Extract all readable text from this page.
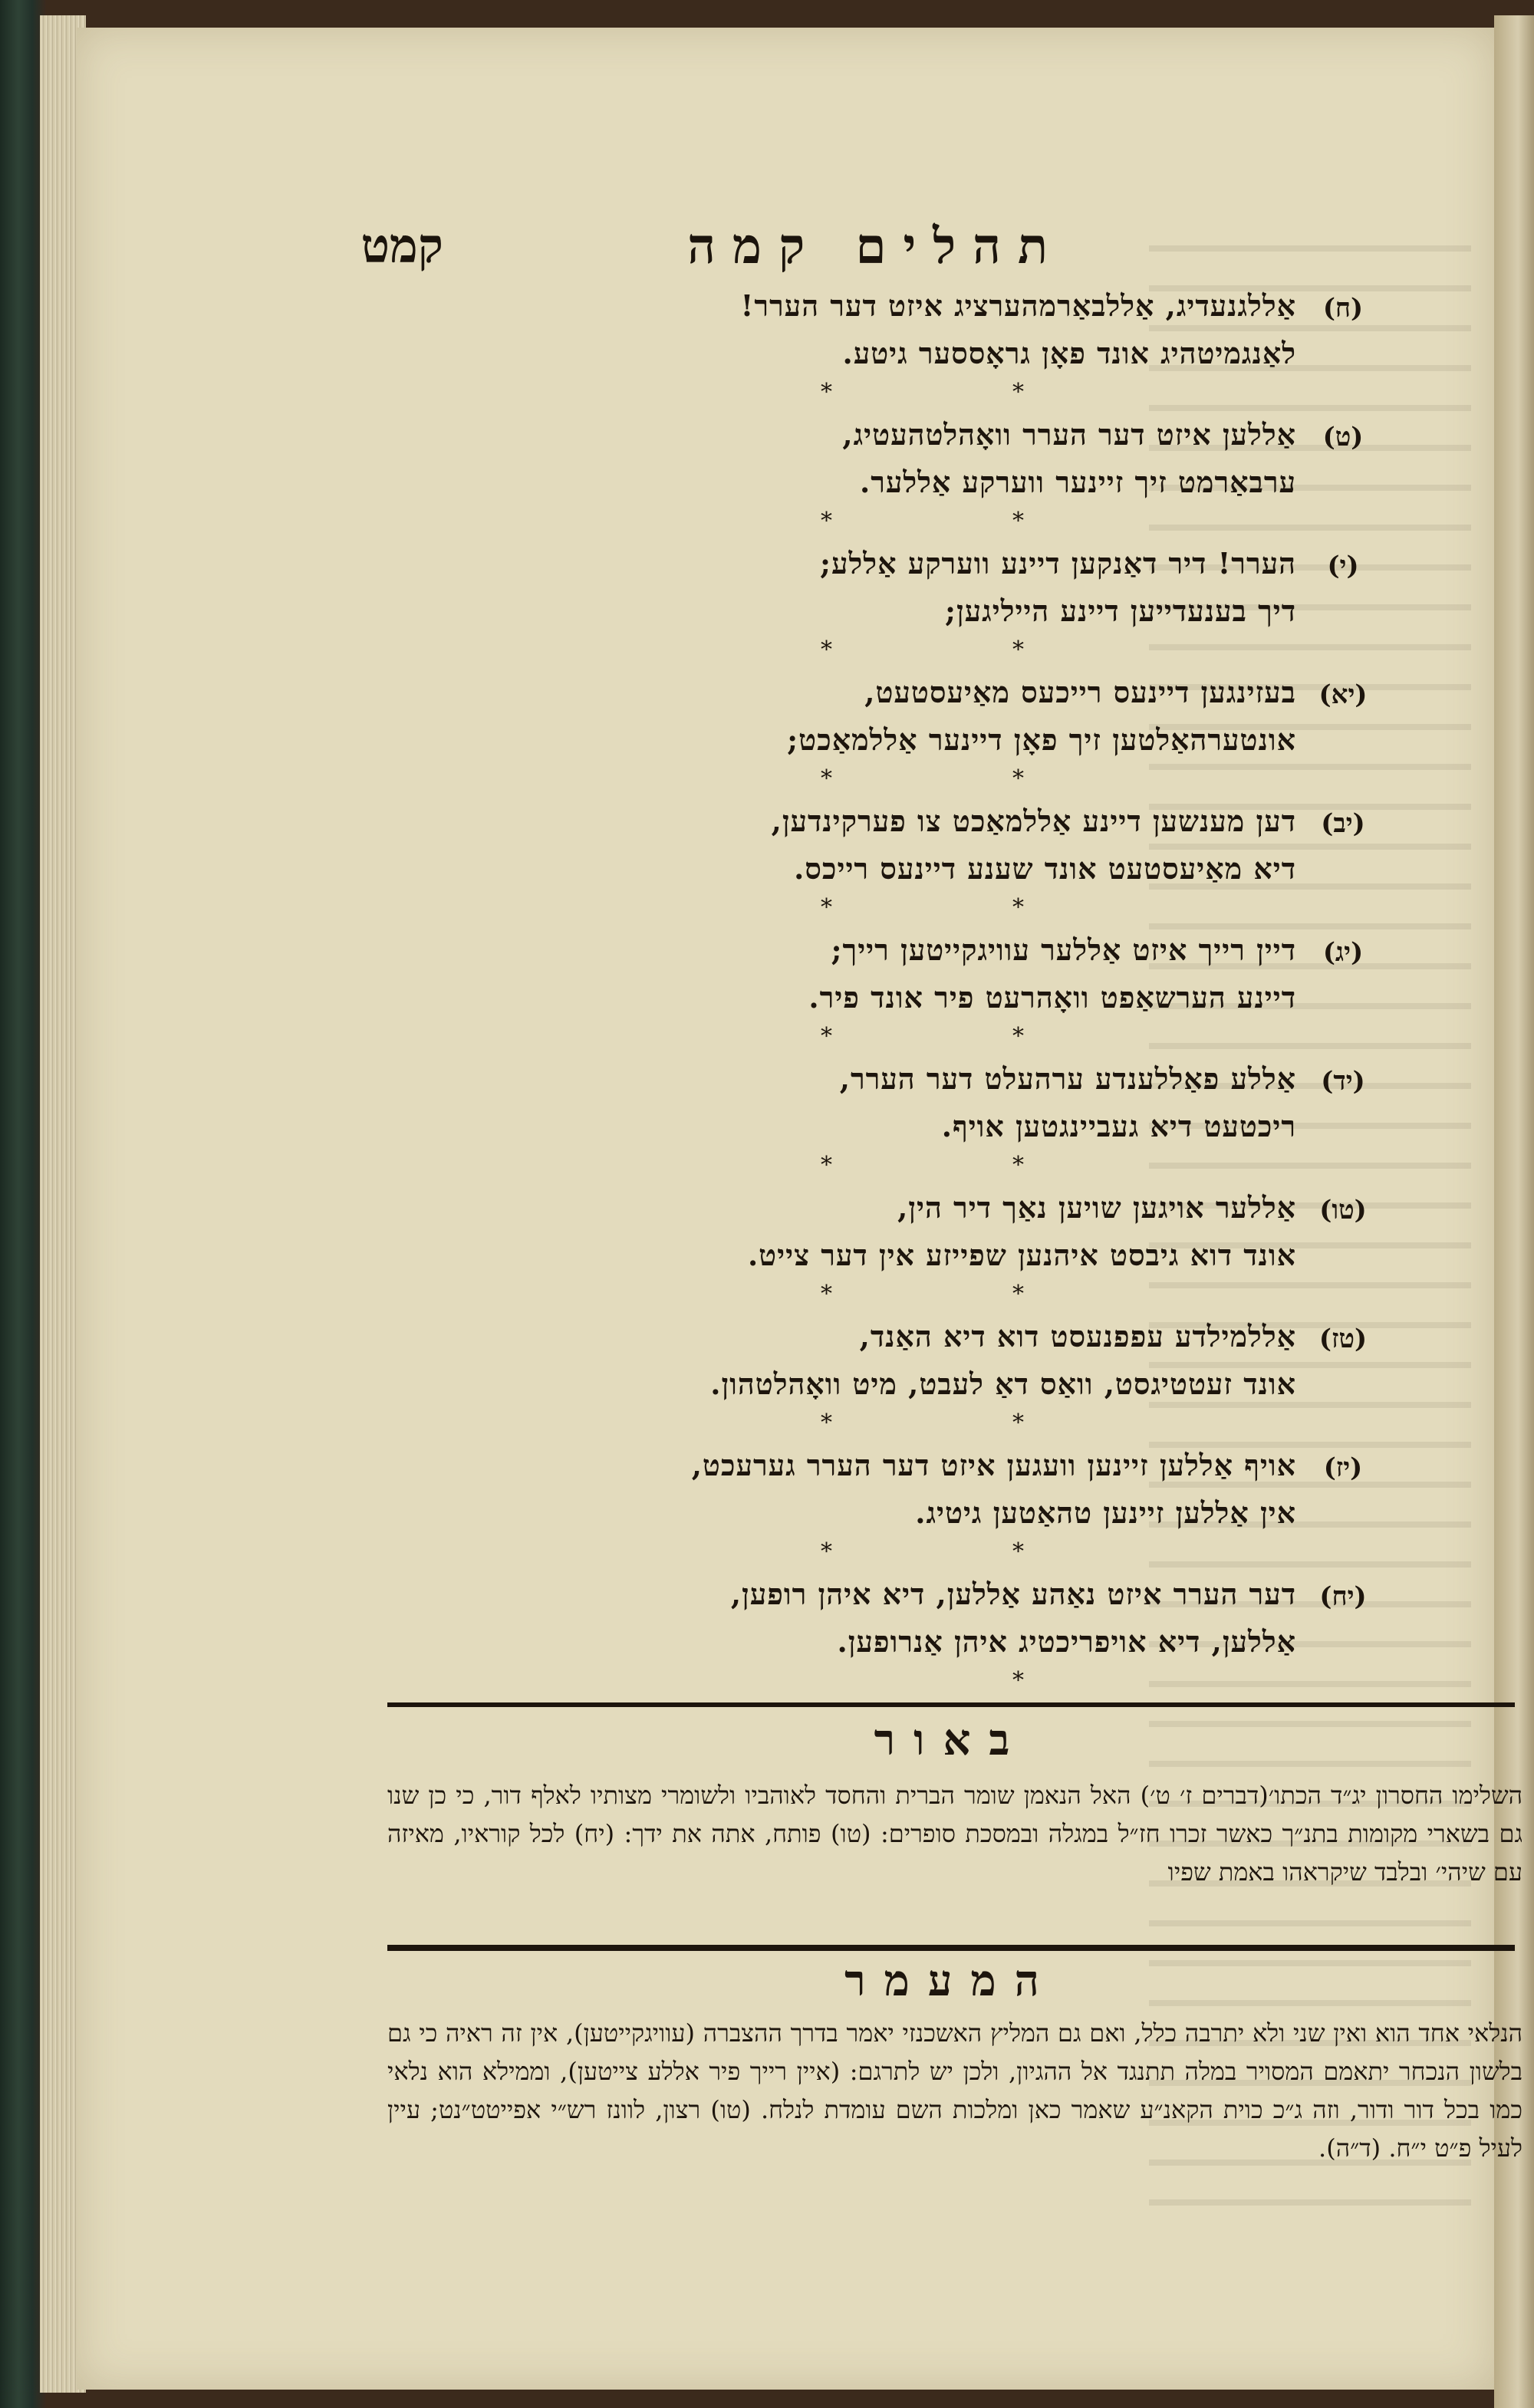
תהלים קמה
קמט
(ח)
אַללגנעדיג, אַללבאַרמהערציג איזט דער הערר!
לאַנגמיטהיג אונד פאָן גראָססער גיטע.
*	*
(ט)
אַללען איזט דער הערר וואָהלטהעטיג,
ערבאַרמט זיך זיינער ווערקע אַללער.
*	*
(י)
הערר! דיר דאַנקען דיינע ווערקע אַללע;
דיך בענעדייען דיינע הייליגען;
*	*
(יא)
בעזינגען דיינעס רייכעס מאַיעסטעט,
אונטערהאַלטען זיך פאָן דיינער אַללמאַכט;
*	*
(יב)
דען מענשען דיינע אַללמאַכט צו פערקינדען,
דיא מאַיעסטעט אונד שענע דיינעס רייכס.
*	*
(יג)
דיין רייך איזט אַללער עוויגקייטען רייך;
דיינע הערשאַפט וואָהרעט פיר אונד פיר.
*	*
(יד)
אַללע פאַללענדע ערהעלט דער הערר,
ריכטעט דיא געביינגטען אויף.
*	*
(טו)
אַללער אויגען שויען נאַך דיר הין,
אונד דוא גיבסט איהנען שפייזע אין דער צייט.
*	*
(טז)
אַללמילדע עפפנעסט דוא דיא האַנד,
אונד זעטטיגסט, וואַס דאַ לעבט, מיט וואָהלטהון.
*	*
(יז)
אויף אַללען זיינען וועגען איזט דער הערר גערעכט,
אין אַללען זיינען טהאַטען גיטיג.
*	*
(יח)
דער הערר איזט נאַהע אַללען, דיא איהן רופען,
אַללען, דיא אויפריכטיג איהן אַנרופען.
*
באור
השלימו החסרון יג״ד הכתו׳(דברים ז׳ ט׳) האל הנאמן שומר הברית והחסד לאוהביו ולשומרי מצותיו לאלף דור, כי כן שנו גם בשארי מקומות בתנ״ך כאשר זכרו חז״ל במגלה ובמסכת סופרים: (טו) פותח, אתה את ידך: (יח) לכל קוראיו, מאיזה עם שיהי׳ ובלבד שיקראהו באמת שפיו
המעמר
הנלאי אחד הוא ואין שני ולא יתרבה כלל, ואם גם המליץ האשכנזי יאמר בדרך ההצברה (עוויגקייטען), אין זה ראיה כי גם בלשון הנכחר יתאמם המסויר במלה תתנגד אל ההגיון, ולכן יש לתרגם: (איין רייך פיר אללע צייטען), וממילא הוא נלאי כמו בכל דור ודור, וזה ג״כ כוית הקאנ״ע שאמר כאן ומלכות השם עומדת לנלח. (טו) רצון, לוונז רש״י אפייטט״נט; עיין לעיל פ״ט י״ח. (ד״ה).
